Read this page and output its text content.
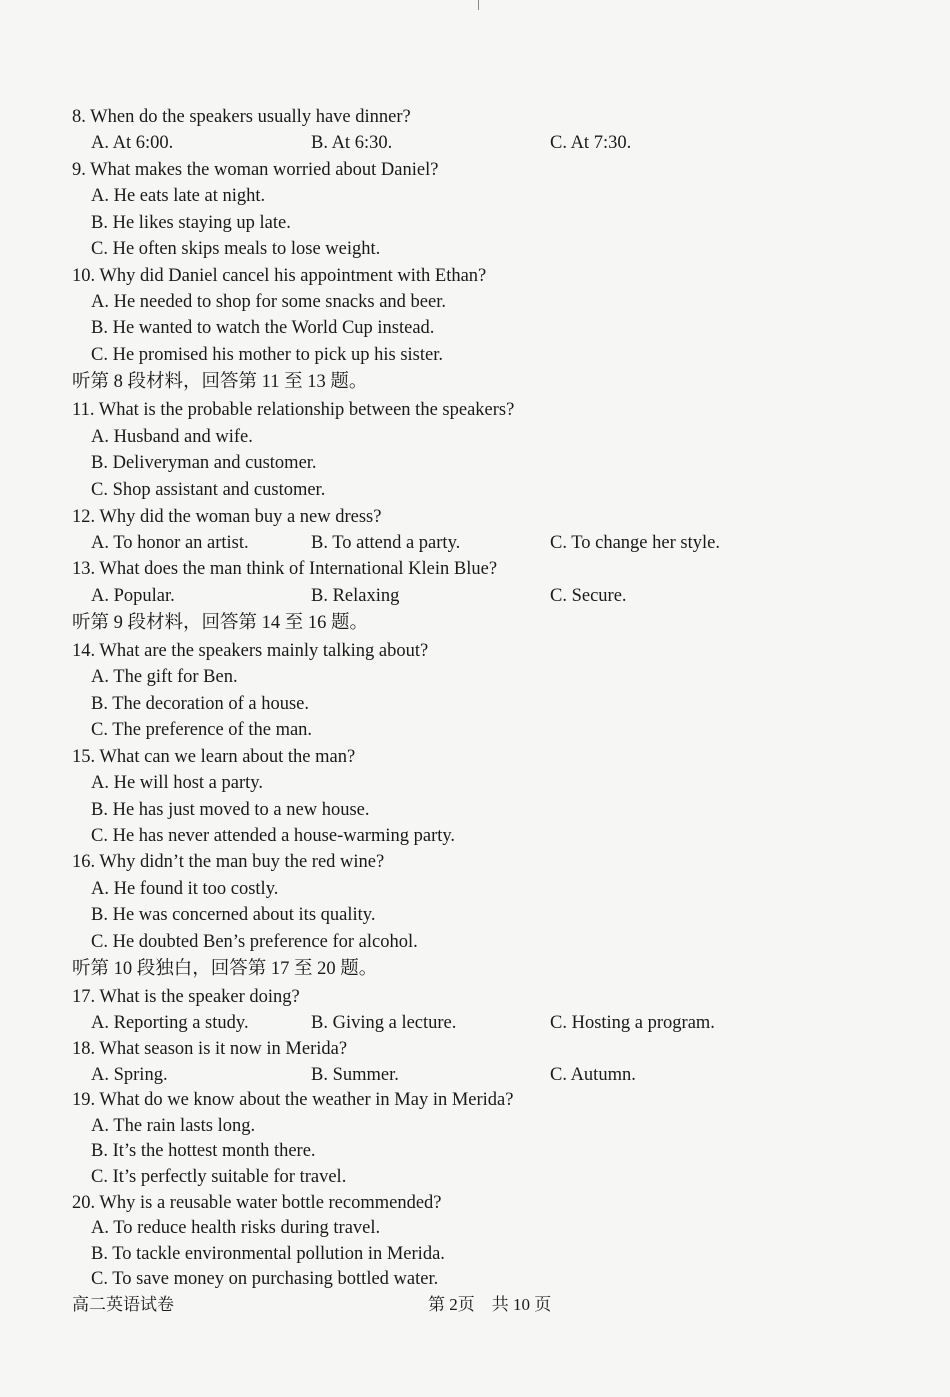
8. When do the speakers usually have dinner?
A. At 6:00.	B. At 6:30.	C. At 7:30.
9. What makes the woman worried about Daniel?
A. He eats late at night.
B. He likes staying up late.
C. He often skips meals to lose weight.
10. Why did Daniel cancel his appointment with Ethan?
A. He needed to shop for some snacks and beer.
B. He wanted to watch the World Cup instead.
C. He promised his mother to pick up his sister.
听第 8 段材料，回答第 11 至 13 题。
11. What is the probable relationship between the speakers?
A. Husband and wife.
B. Deliveryman and customer.
C. Shop assistant and customer.
12. Why did the woman buy a new dress?
A. To honor an artist.	B. To attend a party.	C. To change her style.
13. What does the man think of International Klein Blue?
A. Popular.	B. Relaxing	C. Secure.
听第 9 段材料，回答第 14 至 16 题。
14. What are the speakers mainly talking about?
A. The gift for Ben.
B. The decoration of a house.
C. The preference of the man.
15. What can we learn about the man?
A. He will host a party.
B. He has just moved to a new house.
C. He has never attended a house-warming party.
16. Why didn’t the man buy the red wine?
A. He found it too costly.
B. He was concerned about its quality.
C. He doubted Ben’s preference for alcohol.
听第 10 段独白，回答第 17 至 20 题。
17. What is the speaker doing?
A. Reporting a study.	B. Giving a lecture.	C. Hosting a program.
18. What season is it now in Merida?
A. Spring.	B. Summer.	C. Autumn.
19. What do we know about the weather in May in Merida?
A. The rain lasts long.
B. It’s the hottest month there.
C. It’s perfectly suitable for travel.
20. Why is a reusable water bottle recommended?
A. To reduce health risks during travel.
B. To tackle environmental pollution in Merida.
C. To save money on purchasing bottled water.
高二英语试卷	第 2页　共 10 页
